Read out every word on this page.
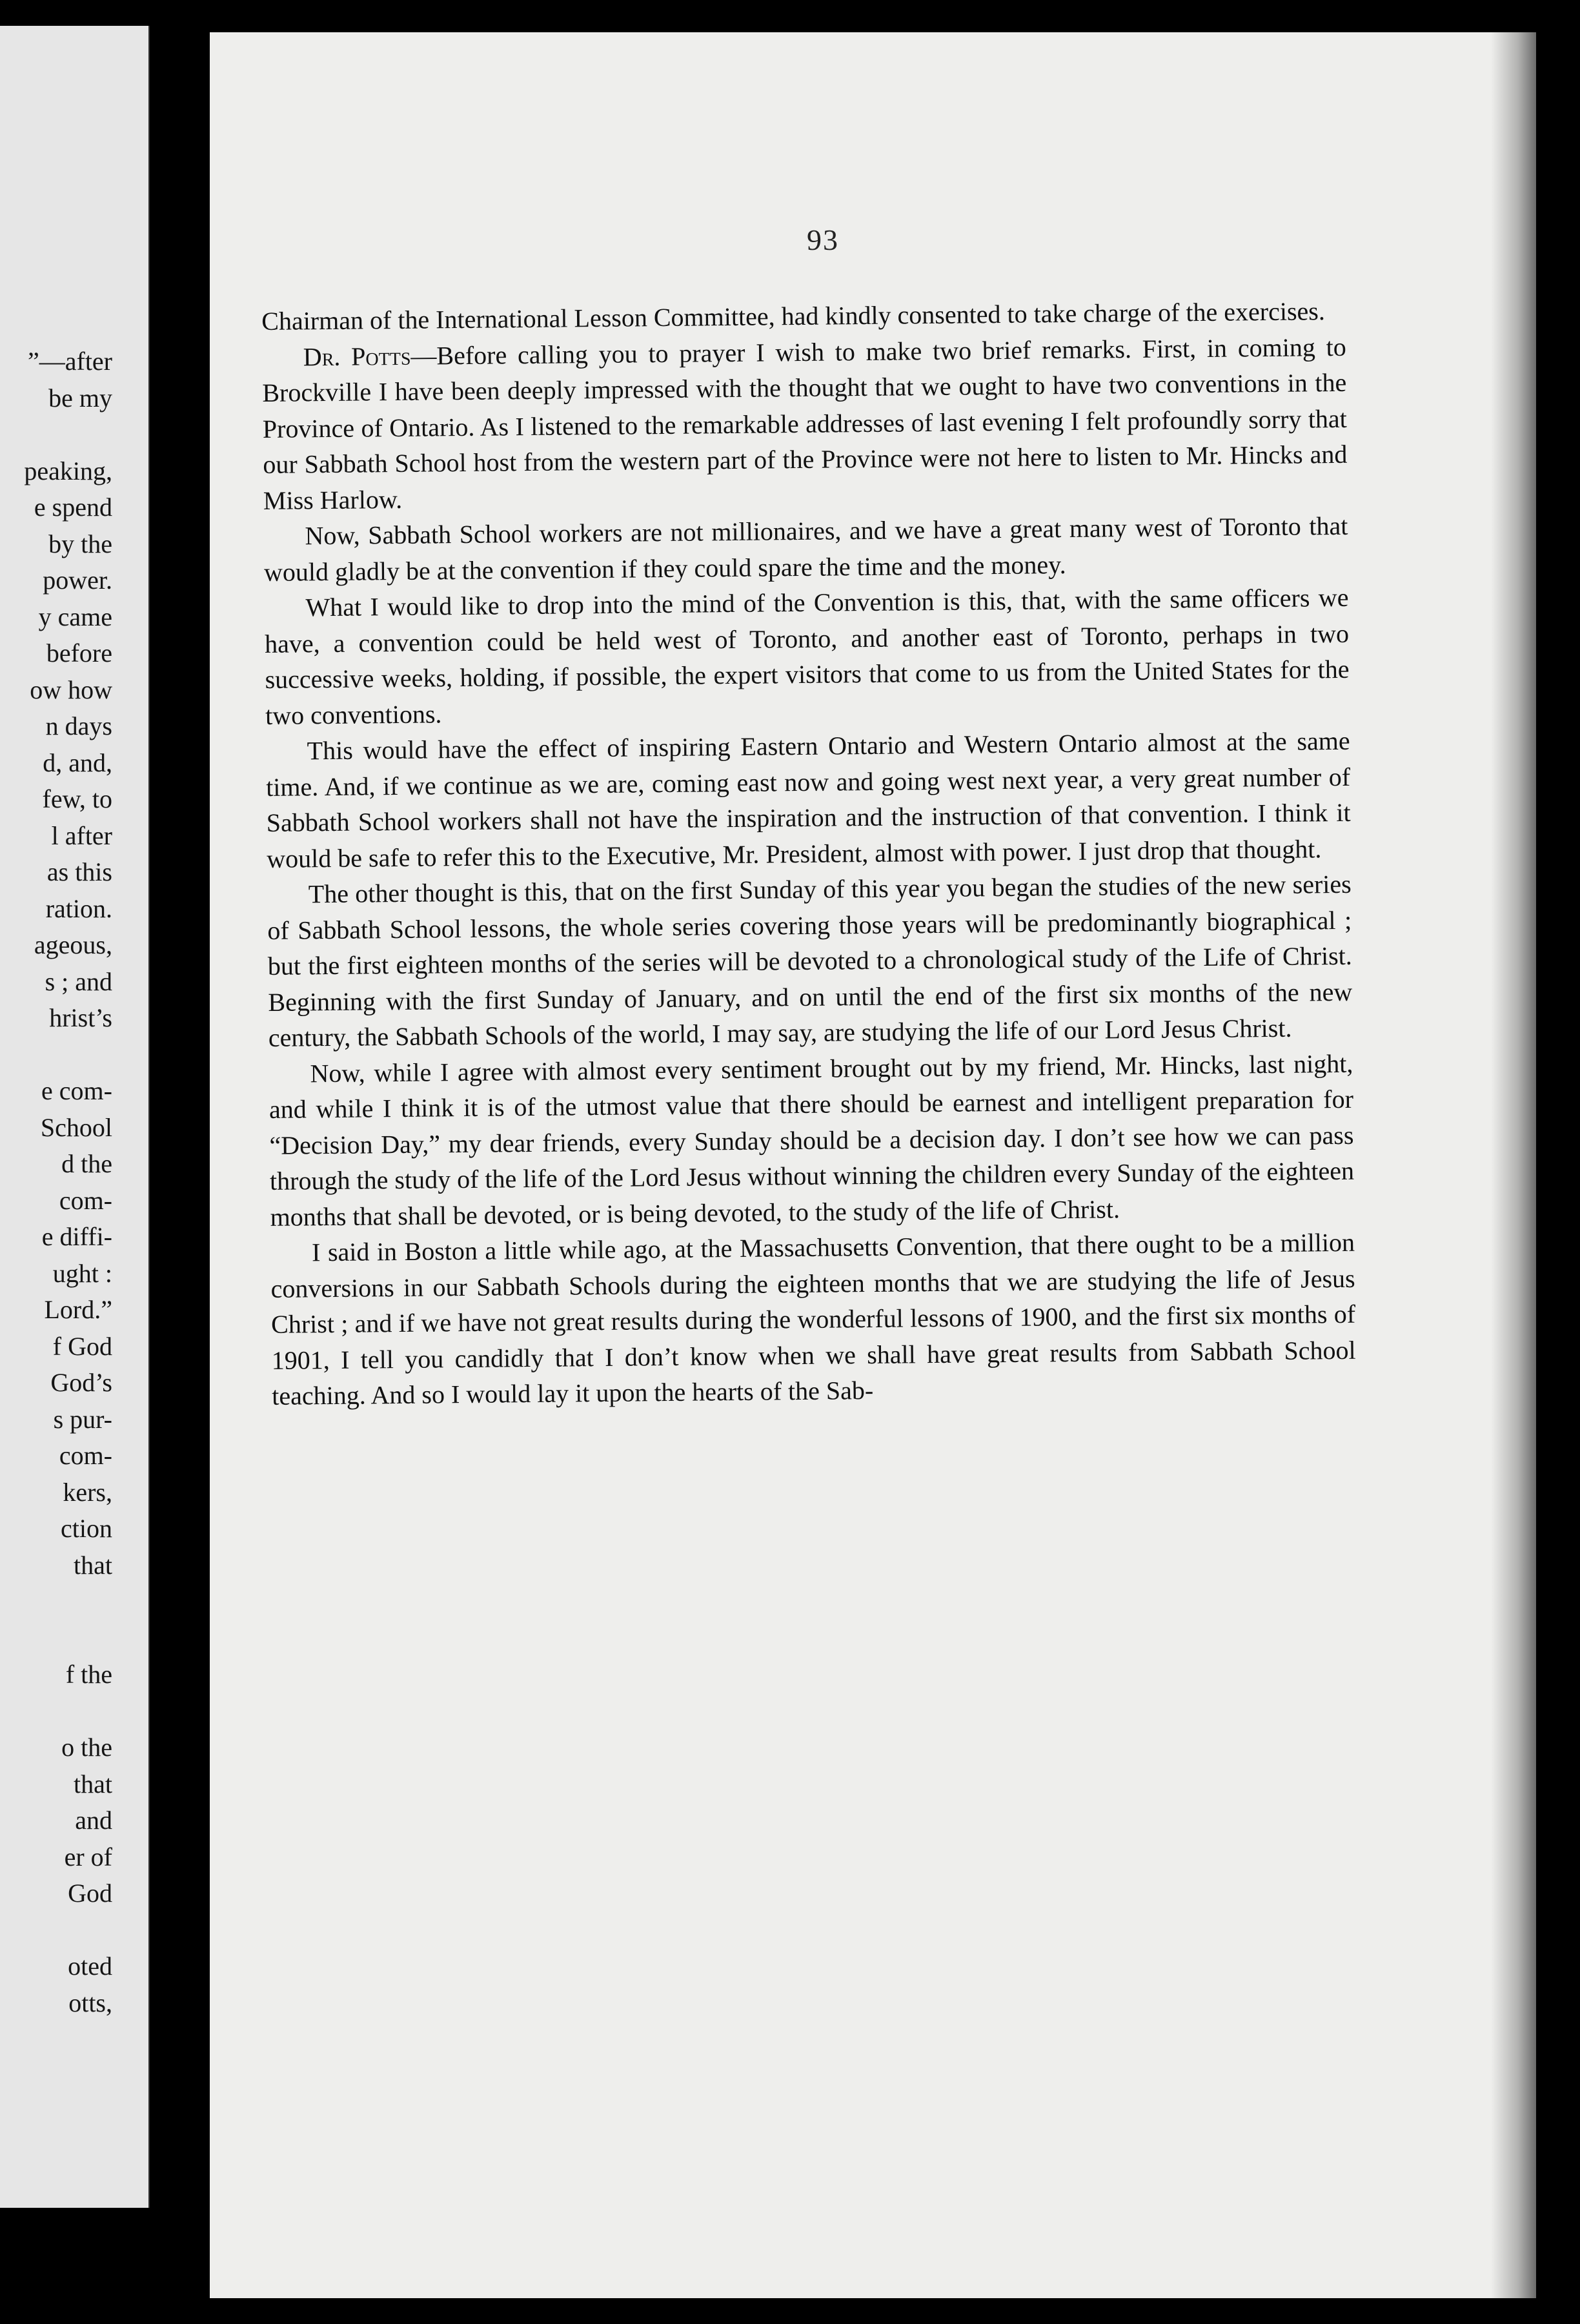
”—after
be my

peaking,
e spend
by the
power.
y came
before
ow how
n days
d, and,
few, to
l after
as this
ration.
ageous,
s ; and
hrist’s

e com-
School
d the
com-
e diffi-
ught :
Lord.”
f God
God’s
s pur-
com-
kers,
ction
that

f the

o the
that
and
er of
God

oted
otts,
93

Chairman of the International Lesson Committee, had kindly consented to take charge of the exercises.

Dr. Potts—Before calling you to prayer I wish to make two brief remarks. First, in coming to Brockville I have been deeply impressed with the thought that we ought to have two conventions in the Province of Ontario. As I listened to the remarkable addresses of last evening I felt profoundly sorry that our Sabbath School host from the western part of the Province were not here to listen to Mr. Hincks and Miss Harlow.

Now, Sabbath School workers are not millionaires, and we have a great many west of Toronto that would gladly be at the convention if they could spare the time and the money.

What I would like to drop into the mind of the Convention is this, that, with the same officers we have, a convention could be held west of Toronto, and another east of Toronto, perhaps in two successive weeks, holding, if possible, the expert visitors that come to us from the United States for the two conventions.

This would have the effect of inspiring Eastern Ontario and Western Ontario almost at the same time. And, if we continue as we are, coming east now and going west next year, a very great number of Sabbath School workers shall not have the inspiration and the instruction of that convention. I think it would be safe to refer this to the Executive, Mr. President, almost with power. I just drop that thought.

The other thought is this, that on the first Sunday of this year you began the studies of the new series of Sabbath School lessons, the whole series covering those years will be predominantly biographical ; but the first eighteen months of the series will be devoted to a chronological study of the Life of Christ. Beginning with the first Sunday of January, and on until the end of the first six months of the new century, the Sabbath Schools of the world, I may say, are studying the life of our Lord Jesus Christ.

Now, while I agree with almost every sentiment brought out by my friend, Mr. Hincks, last night, and while I think it is of the utmost value that there should be earnest and intelligent preparation for “Decision Day,” my dear friends, every Sunday should be a decision day. I don’t see how we can pass through the study of the life of the Lord Jesus without winning the children every Sunday of the eighteen months that shall be devoted, or is being devoted, to the study of the life of Christ.

I said in Boston a little while ago, at the Massachusetts Convention, that there ought to be a million conversions in our Sabbath Schools during the eighteen months that we are studying the life of Jesus Christ ; and if we have not great results during the wonderful lessons of 1900, and the first six months of 1901, I tell you candidly that I don’t know when we shall have great results from Sabbath School teaching. And so I would lay it upon the hearts of the Sab-
